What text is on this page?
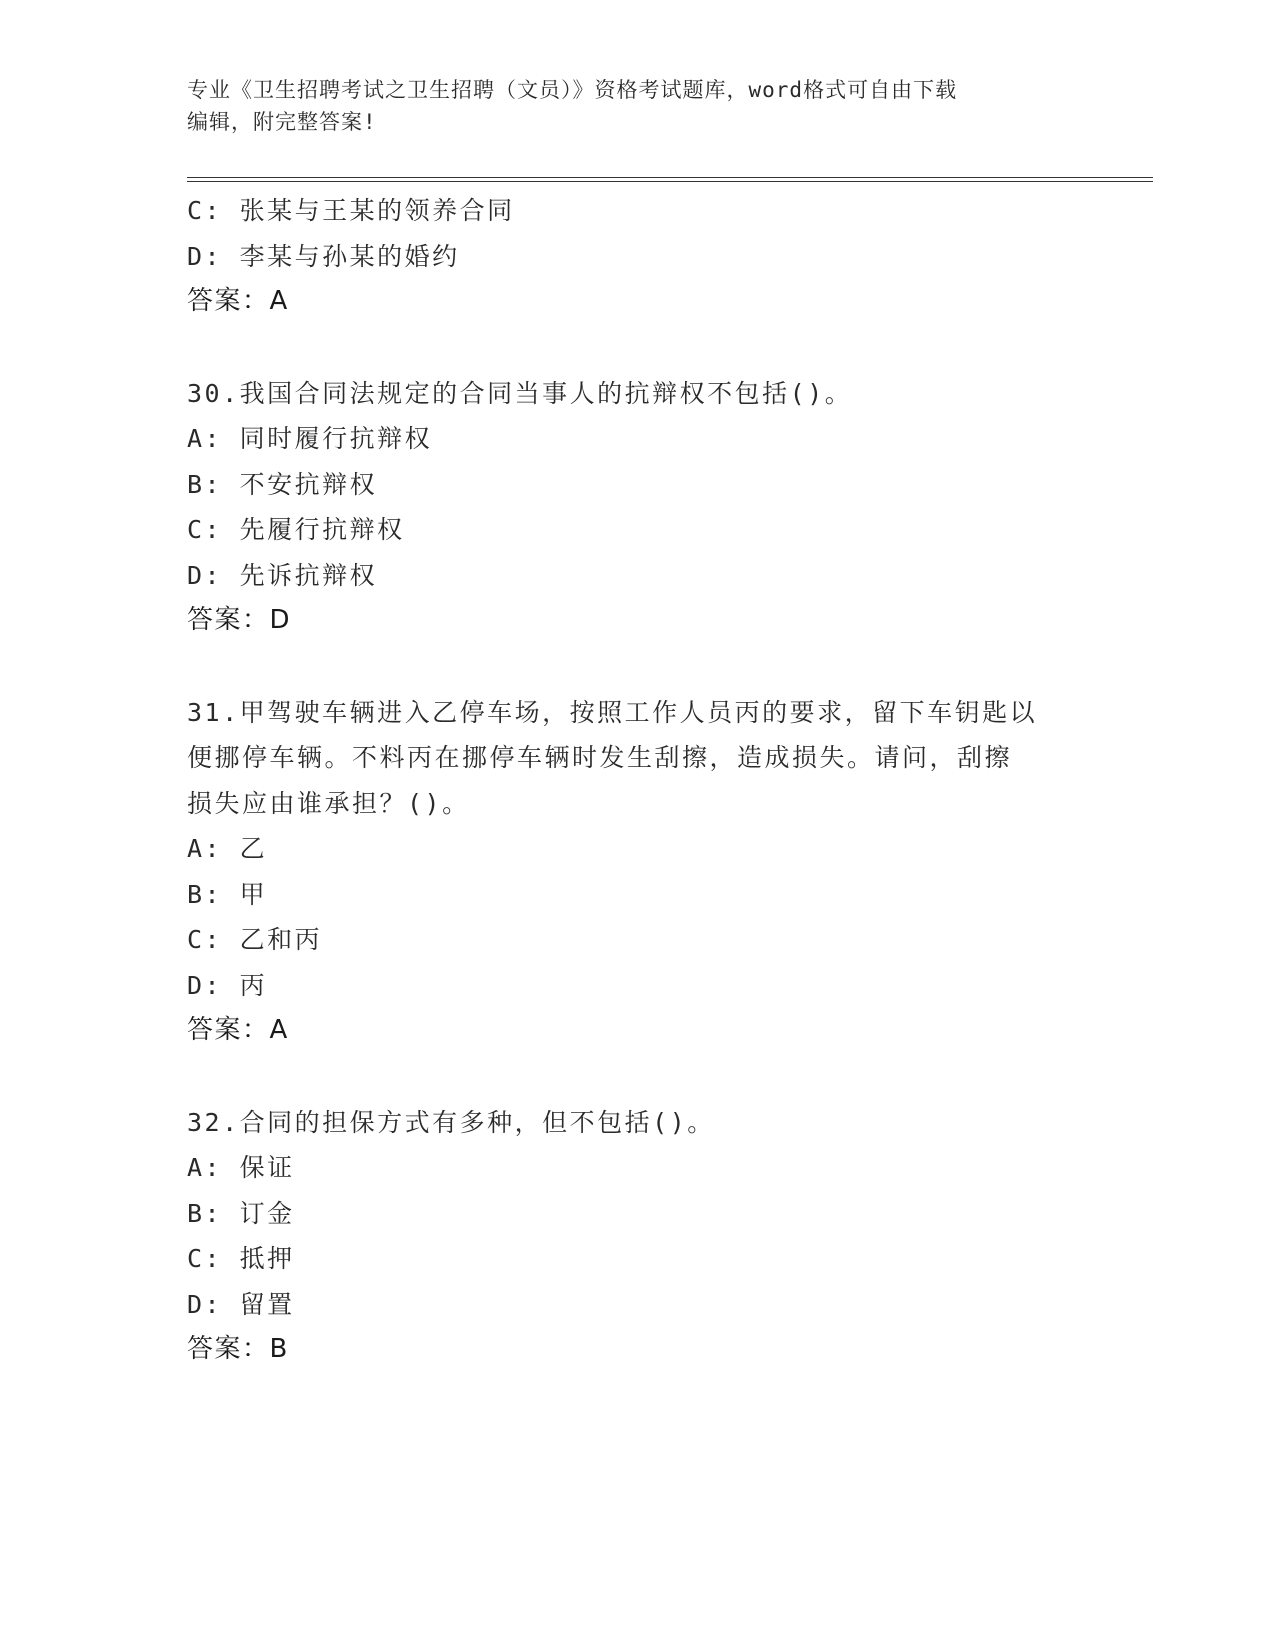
专业《卫生招聘考试之卫生招聘（文员）》资格考试题库，word格式可自由下载
编辑，附完整答案!
C: 张某与王某的领养合同
D: 李某与孙某的婚约
答案：A
30.我国合同法规定的合同当事人的抗辩权不包括()。
A: 同时履行抗辩权
B: 不安抗辩权
C: 先履行抗辩权
D: 先诉抗辩权
答案：D
31.甲驾驶车辆进入乙停车场，按照工作人员丙的要求，留下车钥匙以
便挪停车辆。不料丙在挪停车辆时发生刮擦，造成损失。请问，刮擦
损失应由谁承担？()。
A: 乙
B: 甲
C: 乙和丙
D: 丙
答案：A
32.合同的担保方式有多种，但不包括()。
A: 保证
B: 订金
C: 抵押
D: 留置
答案：B
